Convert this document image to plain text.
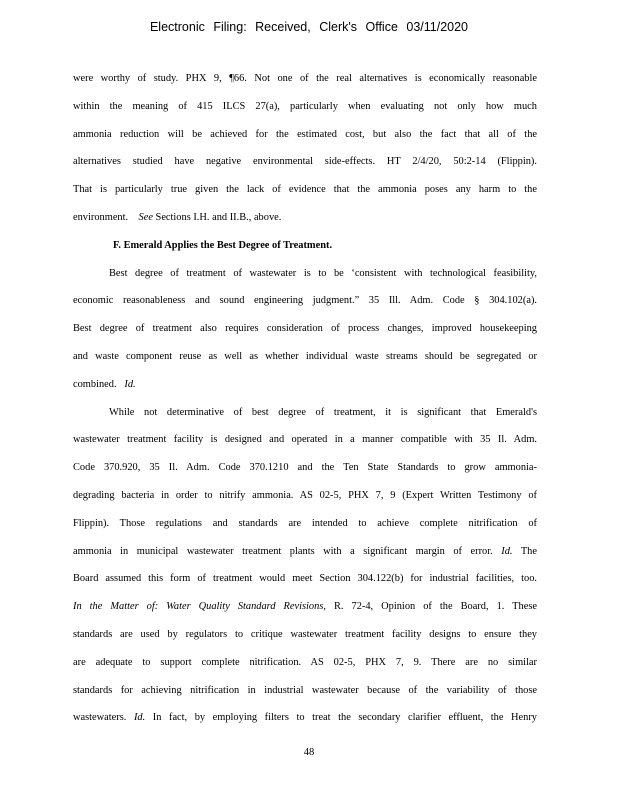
Electronic Filing: Received, Clerk's Office 03/11/2020
were worthy of study. PHX 9, ¶66. Not one of the real alternatives is economically reasonable
within the meaning of 415 ILCS 27(a), particularly when evaluating not only how much
ammonia reduction will be achieved for the estimated cost, but also the fact that all of the
alternatives studied have negative environmental side-effects. HT 2/4/20, 50:2-14 (Flippin).
That is particularly true given the lack of evidence that the ammonia poses any harm to the
environment. See Sections I.H. and II.B., above.
F. Emerald Applies the Best Degree of Treatment.
Best degree of treatment of wastewater is to be ‘consistent with technological feasibility,
economic reasonableness and sound engineering judgment.” 35 Ill. Adm. Code § 304.102(a).
Best degree of treatment also requires consideration of process changes, improved housekeeping
and waste component reuse as well as whether individual waste streams should be segregated or
combined. Id.
While not determinative of best degree of treatment, it is significant that Emerald's
wastewater treatment facility is designed and operated in a manner compatible with 35 Il. Adm.
Code 370.920, 35 Il. Adm. Code 370.1210 and the Ten State Standards to grow ammonia-
degrading bacteria in order to nitrify ammonia. AS 02-5, PHX 7, 9 (Expert Written Testimony of
Flippin). Those regulations and standards are intended to achieve complete nitrification of
ammonia in municipal wastewater treatment plants with a significant margin of error. Id. The
Board assumed this form of treatment would meet Section 304.122(b) for industrial facilities, too.
In the Matter of: Water Quality Standard Revisions, R. 72-4, Opinion of the Board, 1. These
standards are used by regulators to critique wastewater treatment facility designs to ensure they
are adequate to support complete nitrification. AS 02-5, PHX 7, 9. There are no similar
standards for achieving nitrification in industrial wastewater because of the variability of those
wastewaters. Id. In fact, by employing filters to treat the secondary clarifier effluent, the Henry
48
